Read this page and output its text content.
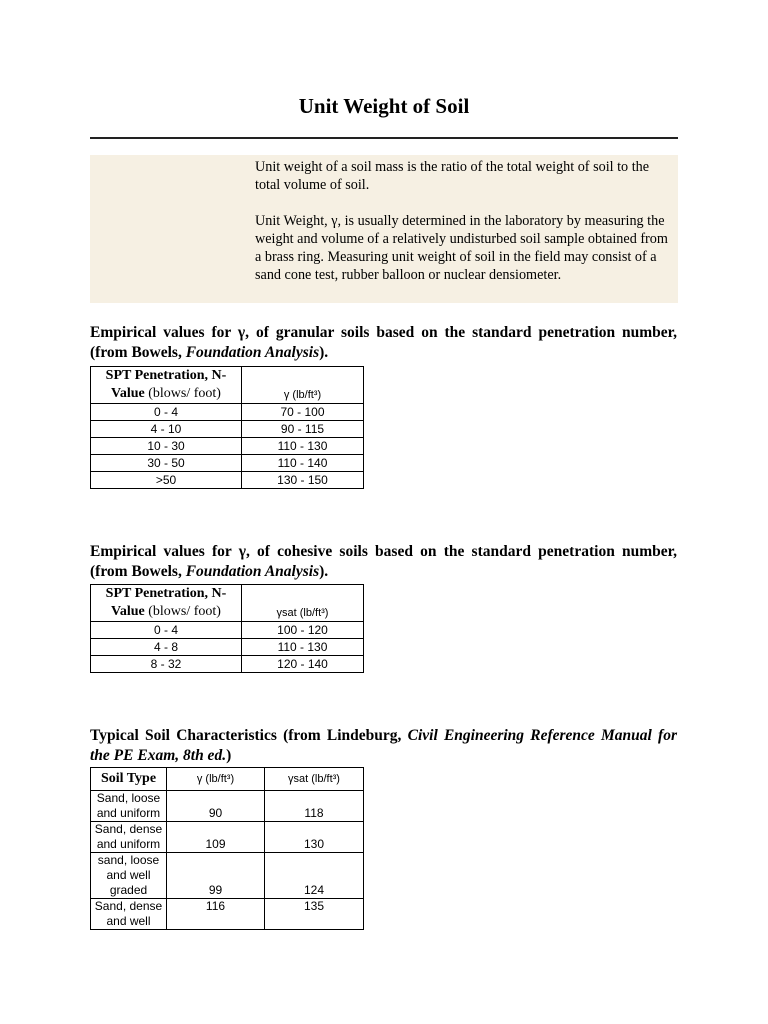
Unit Weight of Soil

Unit weight of a soil mass is the ratio of the total weight of soil to the total volume of soil.

Unit Weight, γ, is usually determined in the laboratory by measuring the weight and volume of a relatively undisturbed soil sample obtained from a brass ring. Measuring unit weight of soil in the field may consist of a sand cone test, rubber balloon or nuclear densiometer.

Empirical values for γ, of granular soils based on the standard penetration number, (from Bowels, Foundation Analysis).

SPT Penetration, N-
Value (blows/ foot)	γ (lb/ft³)
0 - 4	70 - 100
4 - 10	90 - 115
10 - 30	110 - 130
30 - 50	110 - 140
>50	130 - 150

Empirical values for γ, of cohesive soils based on the standard penetration number, (from Bowels, Foundation Analysis).

SPT Penetration, N-
Value (blows/ foot)	γsat (lb/ft³)
0 - 4	100 - 120
4 - 8	110 - 130
8 - 32	120 - 140

Typical Soil Characteristics (from Lindeburg, Civil Engineering Reference Manual for the PE Exam, 8th ed.)

Soil Type	γ (lb/ft³)	γsat (lb/ft³)
Sand, loose and uniform	90	118
Sand, dense and uniform	109	130
sand, loose and well graded	99	124
Sand, dense and well	116	135
